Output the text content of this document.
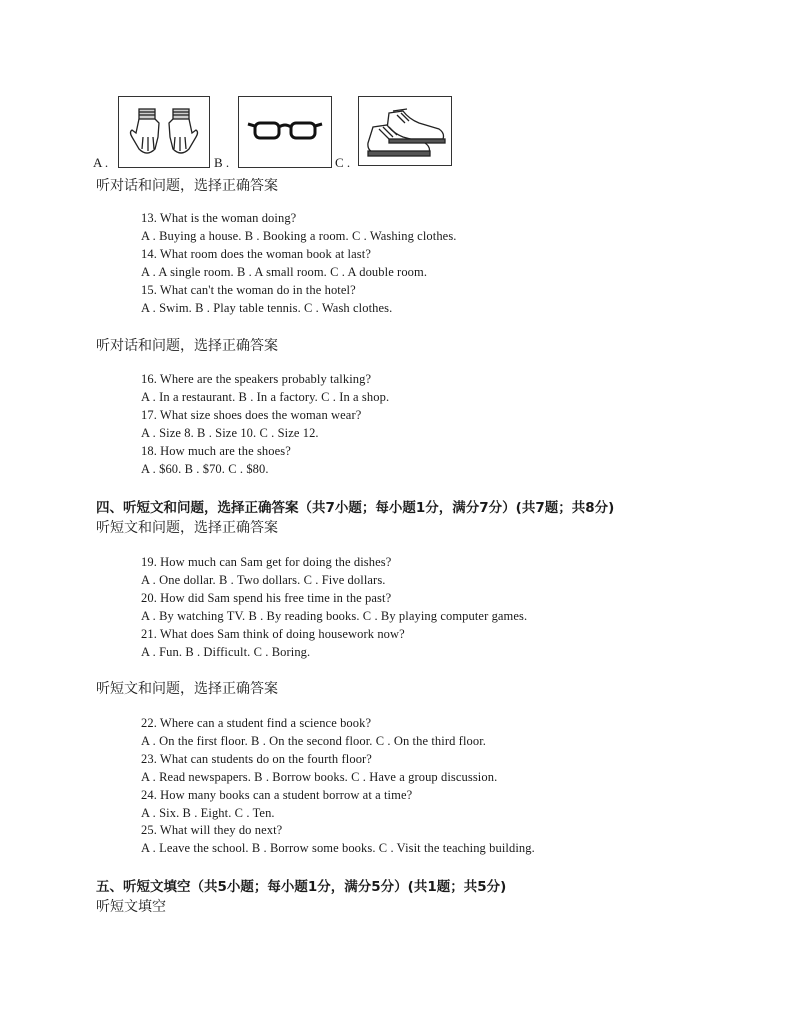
A .	B .	C .
听对话和问题，选择正确答案
13. What is the woman doing?
A . Buying a house. B . Booking a room. C . Washing clothes.
14. What room does the woman book at last?
A . A single room. B . A small room. C . A double room.
15. What can't the woman do in the hotel?
A . Swim. B . Play table tennis. C . Wash clothes.
听对话和问题，选择正确答案
16. Where are the speakers probably talking?
A . In a restaurant. B . In a factory. C . In a shop.
17. What size shoes does the woman wear?
A . Size 8. B . Size 10. C . Size 12.
18. How much are the shoes?
A . $60. B . $70. C . $80.
四、听短文和问题，选择正确答案（共7小题；每小题1分，满分7分）(共7题；共8分)
听短文和问题，选择正确答案
19. How much can Sam get for doing the dishes?
A . One dollar. B . Two dollars. C . Five dollars.
20. How did Sam spend his free time in the past?
A . By watching TV. B . By reading books. C . By playing computer games.
21. What does Sam think of doing housework now?
A . Fun. B . Difficult. C . Boring.
听短文和问题，选择正确答案
22. Where can a student find a science book?
A . On the first floor. B . On the second floor. C . On the third floor.
23. What can students do on the fourth floor?
A . Read newspapers. B . Borrow books. C . Have a group discussion.
24. How many books can a student borrow at a time?
A . Six. B . Eight. C . Ten.
25. What will they do next?
A . Leave the school. B . Borrow some books. C . Visit the teaching building.
五、听短文填空（共5小题；每小题1分，满分5分）(共1题；共5分)
听短文填空
